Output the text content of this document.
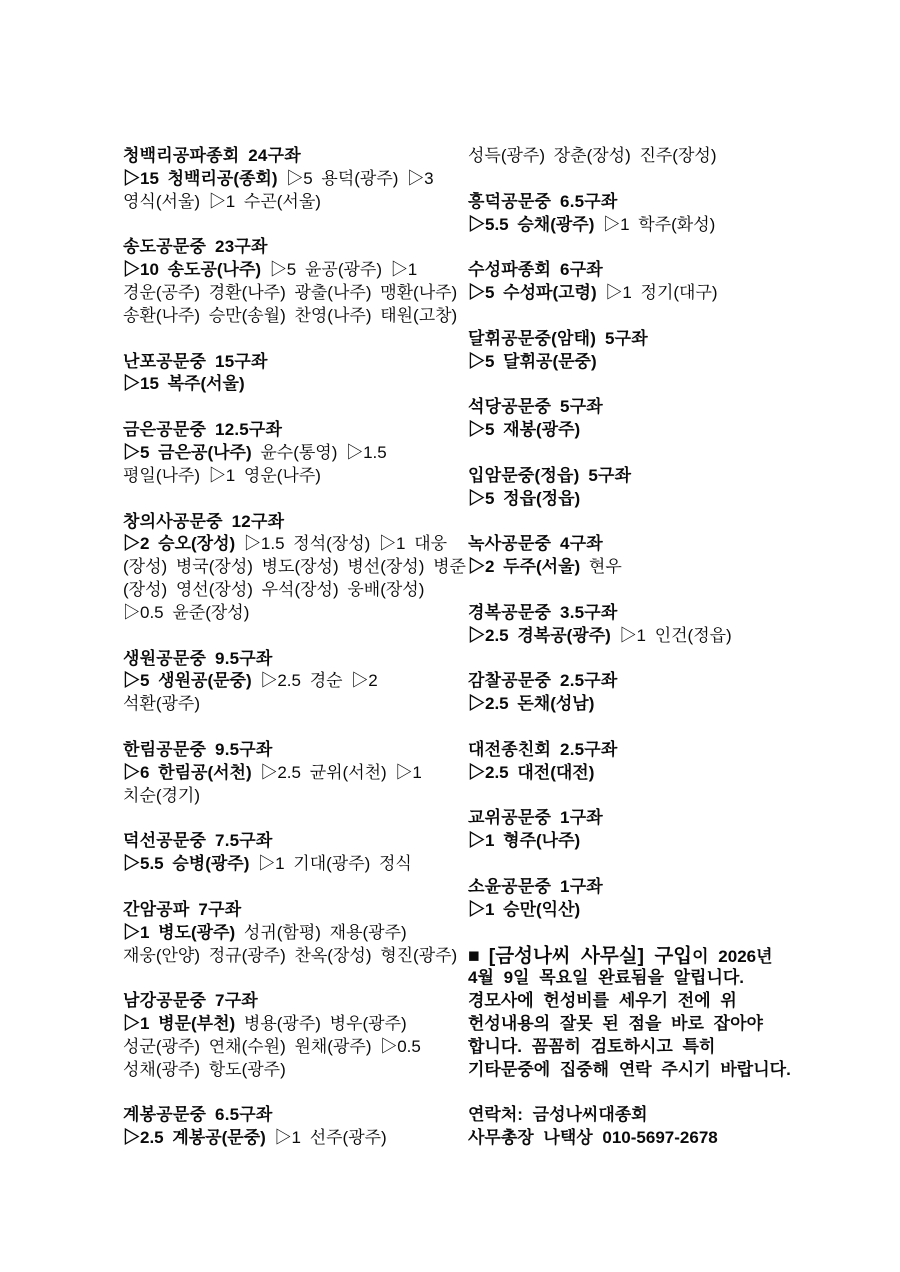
청백리공파종회 24구좌
▷15 청백리공(종회) ▷5 용덕(광주) ▷3
영식(서울) ▷1 수곤(서울)
송도공문중 23구좌
▷10 송도공(나주) ▷5 윤공(광주) ▷1
경운(공주) 경환(나주) 광출(나주) 맹환(나주)
송환(나주) 승만(송월) 찬영(나주) 태원(고창)
난포공문중 15구좌
▷15 복주(서울)
금은공문중 12.5구좌
▷5 금은공(나주) 윤수(통영) ▷1.5
평일(나주) ▷1 영운(나주)
창의사공문중 12구좌
▷2 승오(장성) ▷1.5 정석(장성) ▷1 대웅
(장성) 병국(장성) 병도(장성) 병선(장성) 병준
(장성) 영선(장성) 우석(장성) 웅배(장성)
▷0.5 윤준(장성)
생원공문중 9.5구좌
▷5 생원공(문중) ▷2.5 경순 ▷2
석환(광주)
한림공문중 9.5구좌
▷6 한림공(서천) ▷2.5 균위(서천) ▷1
치순(경기)
덕선공문중 7.5구좌
▷5.5 승병(광주) ▷1 기대(광주) 정식
간암공파 7구좌
▷1 병도(광주) 성귀(함평) 재용(광주)
재웅(안양) 정규(광주) 찬옥(장성) 형진(광주)
남강공문중 7구좌
▷1 병문(부천) 병용(광주) 병우(광주)
성군(광주) 연채(수원) 원채(광주) ▷0.5
성채(광주) 항도(광주)
계봉공문중 6.5구좌
▷2.5 계봉공(문중) ▷1 선주(광주)
성득(광주) 장춘(장성) 진주(장성)
흥덕공문중 6.5구좌
▷5.5 승채(광주) ▷1 학주(화성)
수성파종회 6구좌
▷5 수성파(고령) ▷1 정기(대구)
달휘공문중(암태) 5구좌
▷5 달휘공(문중)
석당공문중 5구좌
▷5 재봉(광주)
입암문중(정읍) 5구좌
▷5 정읍(정읍)
녹사공문중 4구좌
▷2 두주(서울) 현우
경복공문중 3.5구좌
▷2.5 경복공(광주) ▷1 인건(정읍)
감찰공문중 2.5구좌
▷2.5 돈채(성남)
대전종친회 2.5구좌
▷2.5 대전(대전)
교위공문중 1구좌
▷1 형주(나주)
소윤공문중 1구좌
▷1 승만(익산)
■ [금성나씨 사무실] 구입이 2026년
4월 9일 목요일 완료됨을 알립니다.
경모사에 헌성비를 세우기 전에 위
헌성내용의 잘못 된 점을 바로 잡아야
합니다. 꼼꼼히 검토하시고 특히
기타문중에 집중해 연락 주시기 바랍니다.
연락처: 금성나씨대종회
사무총장 나택상 010-5697-2678
